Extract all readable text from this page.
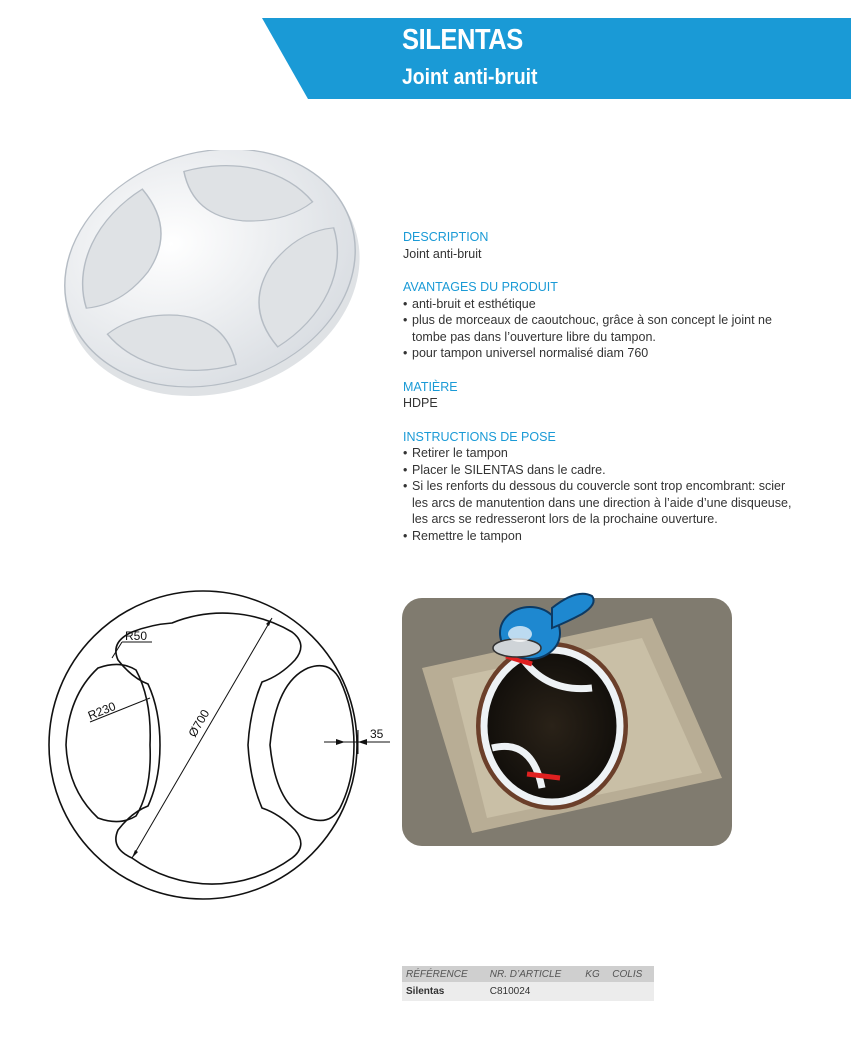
SILENTAS
Joint anti-bruit
DESCRIPTION
Joint anti-bruit
AVANTAGES DU PRODUIT
• anti-bruit et esthétique
• plus de morceaux de caoutchouc, grâce à son concept le joint ne tombe pas dans l’ouverture libre du tampon.
• pour tampon universel normalisé diam 760
MATIÈRE
HDPE
INSTRUCTIONS DE POSE
• Retirer le tampon
• Placer le SILENTAS dans le cadre.
• Si les renforts du dessous du couvercle sont trop encombrant: scier les arcs de manutention dans une direction à l’aide d’une disqueuse, les arcs se redresseront lors de la prochaine ouverture.
• Remettre le tampon
R50
R230	Ø700	35
RÉFÉRENCE	NR. D’ARTICLE	KG	COLIS
Silentas	C810024		
